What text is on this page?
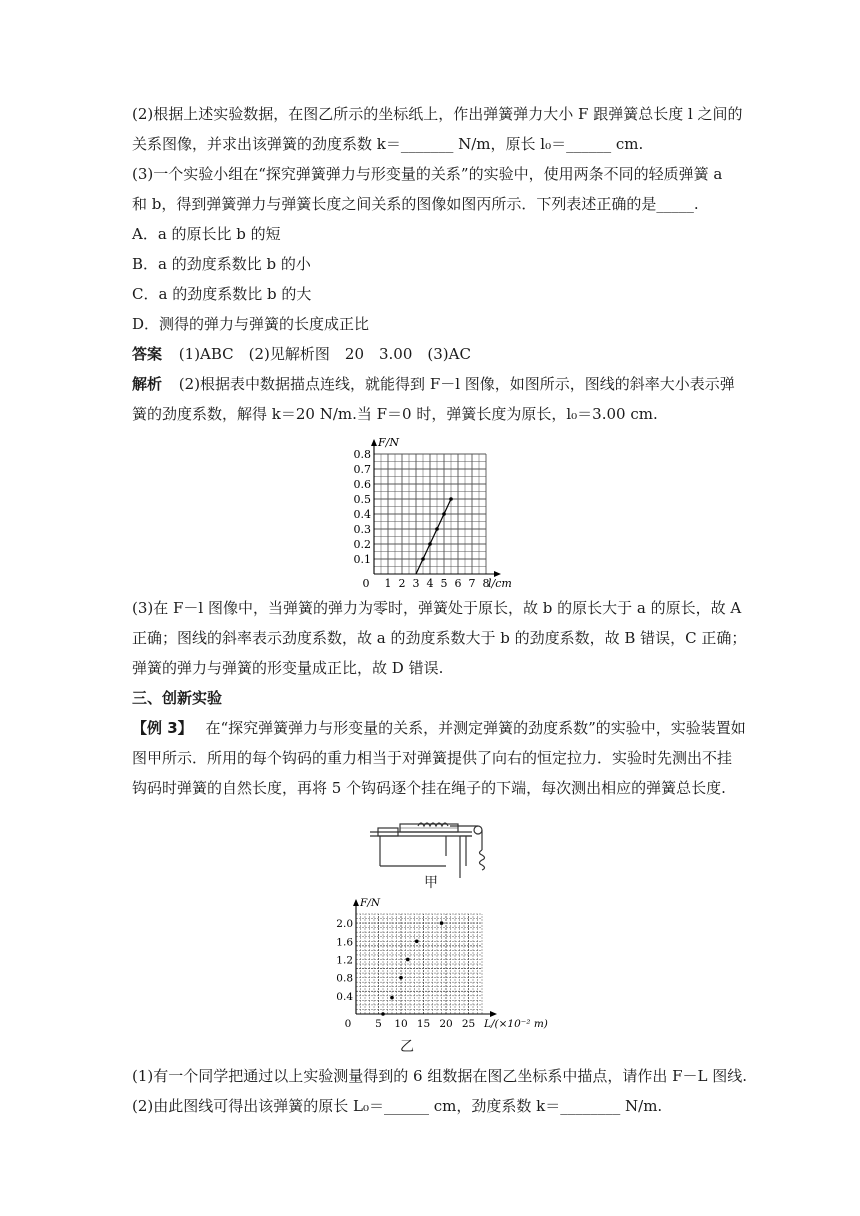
(2)根据上述实验数据，在图乙所示的坐标纸上，作出弹簧弹力大小 F 跟弹簧总长度 l 之间的
关系图像，并求出该弹簧的劲度系数 k＝_______ N/m，原长 l₀＝______ cm.
(3)一个实验小组在“探究弹簧弹力与形变量的关系”的实验中，使用两条不同的轻质弹簧 a
和 b，得到弹簧弹力与弹簧长度之间关系的图像如图丙所示．下列表述正确的是_____.
A．a 的原长比 b 的短
B．a 的劲度系数比 b 的小
C．a 的劲度系数比 b 的大
D．测得的弹力与弹簧的长度成正比
答案 (1)ABC　(2)见解析图　20　3.00　(3)AC
解析 (2)根据表中数据描点连线，就能得到 F－l 图像，如图所示，图线的斜率大小表示弹
簧的劲度系数，解得 k＝20 N/m.当 F＝0 时，弹簧长度为原长，l₀＝3.00 cm.
1 2 3 4 5 6 7 8
0.1
0.2
0.3
0.4
0.5
0.6
0.7
0.8
0
F/N
l/cm
(3)在 F－l 图像中，当弹簧的弹力为零时，弹簧处于原长，故 b 的原长大于 a 的原长，故 A
正确；图线的斜率表示劲度系数，故 a 的劲度系数大于 b 的劲度系数，故 B 错误，C 正确；
弹簧的弹力与弹簧的形变量成正比，故 D 错误.
三、创新实验
【例 3】 在“探究弹簧弹力与形变量的关系，并测定弹簧的劲度系数”的实验中，实验装置如
图甲所示．所用的每个钩码的重力相当于对弹簧提供了向右的恒定拉力．实验时先测出不挂
钩码时弹簧的自然长度，再将 5 个钩码逐个挂在绳子的下端，每次测出相应的弹簧总长度.
甲
5 10 15 20 25
0.4
0.8
1.2
1.6
2.0
0
F/N
L/(×10⁻² m)
乙
(1)有一个同学把通过以上实验测量得到的 6 组数据在图乙坐标系中描点，请作出 F－L 图线.
(2)由此图线可得出该弹簧的原长 L₀＝______ cm，劲度系数 k＝________ N/m.
